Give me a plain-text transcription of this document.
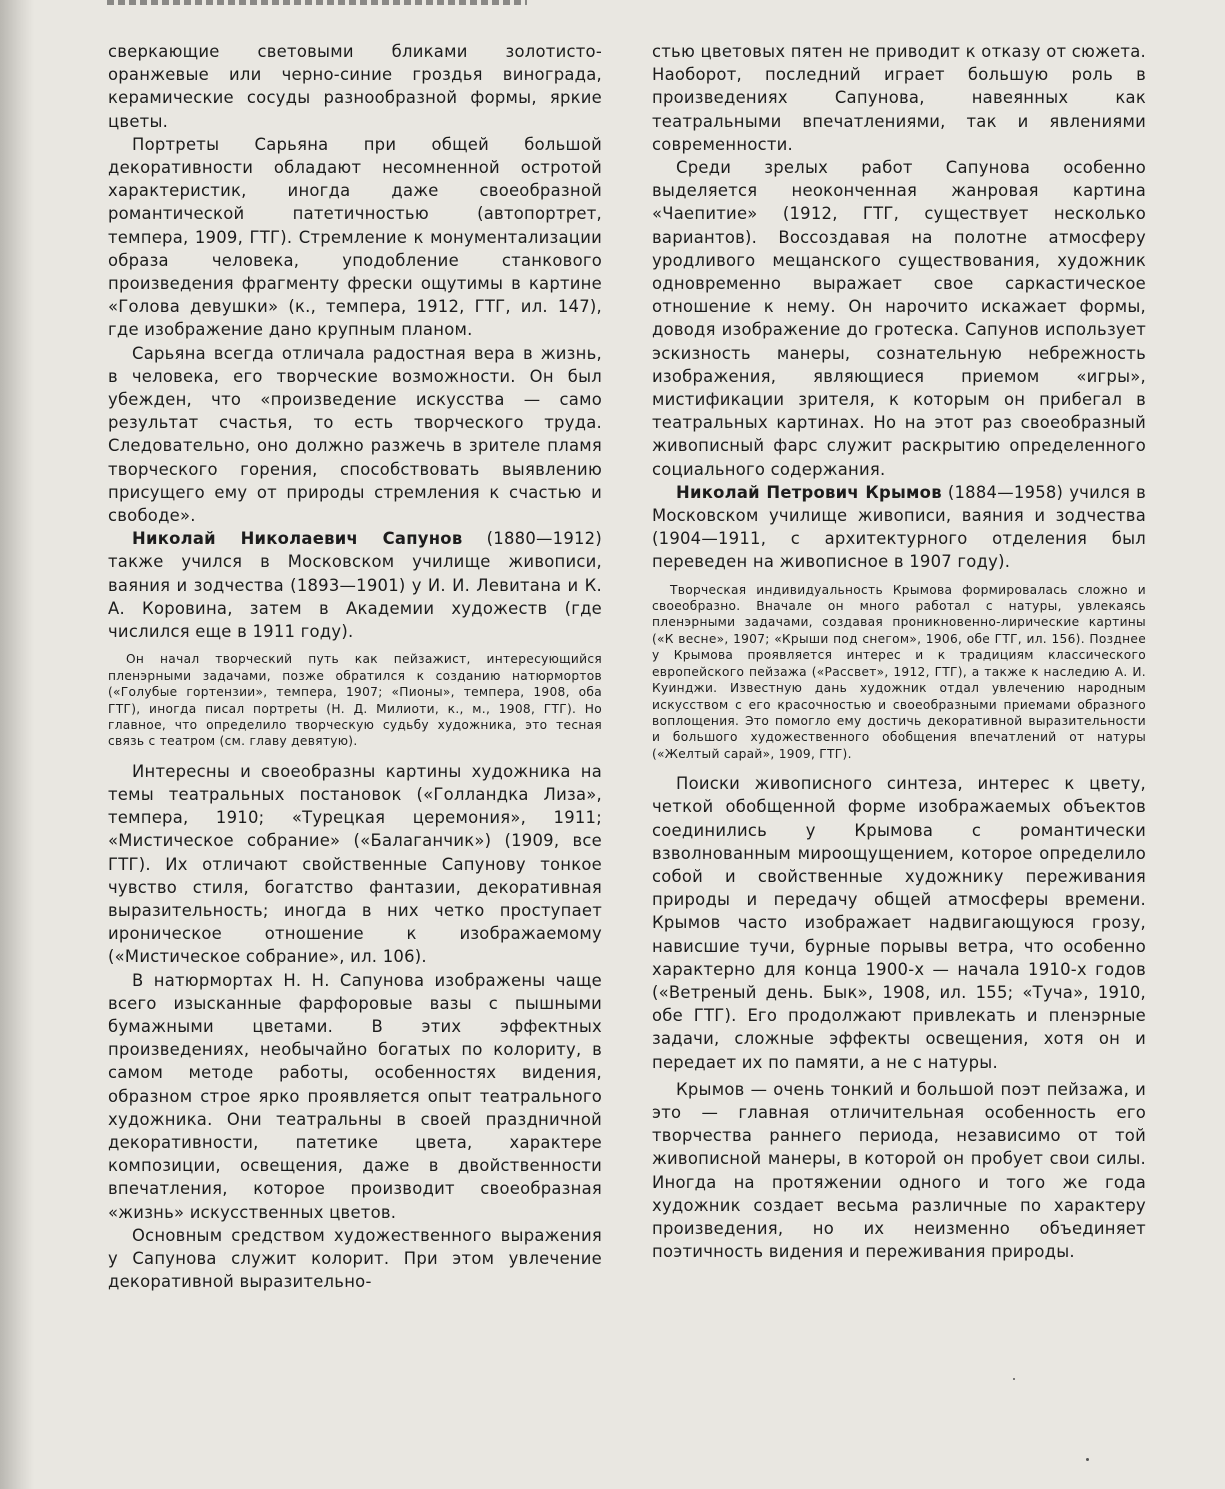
сверкающие световыми бликами золотисто-оранжевые или черно-синие гроздья винограда, керамические сосуды разнообразной формы, яркие цветы.

Портреты Сарьяна при общей большой декоративности обладают несомненной остротой характеристик, иногда даже своеобразной романтической патетичностью (автопортрет, темпера, 1909, ГТГ). Стремление к монументализации образа человека, уподобление станкового произведения фрагменту фрески ощутимы в картине «Голова девушки» (к., темпера, 1912, ГТГ, ил. 147), где изображение дано крупным планом.

Сарьяна всегда отличала радостная вера в жизнь, в человека, его творческие возможности. Он был убежден, что «произведение искусства — само результат счастья, то есть творческого труда. Следовательно, оно должно разжечь в зрителе пламя творческого горения, способствовать выявлению присущего ему от природы стремления к счастью и свободе».

Николай Николаевич Сапунов (1880—1912) также учился в Московском училище живописи, ваяния и зодчества (1893—1901) у И. И. Левитана и К. А. Коровина, затем в Академии художеств (где числился еще в 1911 году).

Он начал творческий путь как пейзажист, интересующийся пленэрными задачами, позже обратился к созданию натюрмортов («Голубые гортензии», темпера, 1907; «Пионы», темпера, 1908, оба ГТГ), иногда писал портреты (Н. Д. Милиоти, к., м., 1908, ГТГ). Но главное, что определило творческую судьбу художника, это тесная связь с театром (см. главу девятую).

Интересны и своеобразны картины художника на темы театральных постановок («Голландка Лиза», темпера, 1910; «Турецкая церемония», 1911; «Мистическое собрание» («Балаганчик») (1909, все ГТГ). Их отличают свойственные Сапунову тонкое чувство стиля, богатство фантазии, декоративная выразительность; иногда в них четко проступает ироническое отношение к изображаемому («Мистическое собрание», ил. 106).

В натюрмортах Н. Н. Сапунова изображены чаще всего изысканные фарфоровые вазы с пышными бумажными цветами. В этих эффектных произведениях, необычайно богатых по колориту, в самом методе работы, особенностях видения, образном строе ярко проявляется опыт театрального художника. Они театральны в своей праздничной декоративности, патетике цвета, характере композиции, освещения, даже в двойственности впечатления, которое производит своеобразная «жизнь» искусственных цветов.

Основным средством художественного выражения у Сапунова служит колорит. При этом увлечение декоративной выразительно-

стью цветовых пятен не приводит к отказу от сюжета. Наоборот, последний играет большую роль в произведениях Сапунова, навеянных как театральными впечатлениями, так и явлениями современности.

Среди зрелых работ Сапунова особенно выделяется неоконченная жанровая картина «Чаепитие» (1912, ГТГ, существует несколько вариантов). Воссоздавая на полотне атмосферу уродливого мещанского существования, художник одновременно выражает свое саркастическое отношение к нему. Он нарочито искажает формы, доводя изображение до гротеска. Сапунов использует эскизность манеры, сознательную небрежность изображения, являющиеся приемом «игры», мистификации зрителя, к которым он прибегал в театральных картинах. Но на этот раз своеобразный живописный фарс служит раскрытию определенного социального содержания.

Николай Петрович Крымов (1884—1958) учился в Московском училище живописи, ваяния и зодчества (1904—1911, с архитектурного отделения был переведен на живописное в 1907 году).

Творческая индивидуальность Крымова формировалась сложно и своеобразно. Вначале он много работал с натуры, увлекаясь пленэрными задачами, создавая проникновенно-лирические картины («К весне», 1907; «Крыши под снегом», 1906, обе ГТГ, ил. 156). Позднее у Крымова проявляется интерес и к традициям классического европейского пейзажа («Рассвет», 1912, ГТГ), а также к наследию А. И. Куинджи. Известную дань художник отдал увлечению народным искусством с его красочностью и своеобразными приемами образного воплощения. Это помогло ему достичь декоративной выразительности и большого художественного обобщения впечатлений от натуры («Желтый сарай», 1909, ГТГ).

Поиски живописного синтеза, интерес к цвету, четкой обобщенной форме изображаемых объектов соединились у Крымова с романтически взволнованным мироощущением, которое определило собой и свойственные художнику переживания природы и передачу общей атмосферы времени. Крымов часто изображает надвигающуюся грозу, нависшие тучи, бурные порывы ветра, что особенно характерно для конца 1900-х — начала 1910-х годов («Ветреный день. Бык», 1908, ил. 155; «Туча», 1910, обе ГТГ). Его продолжают привлекать и пленэрные задачи, сложные эффекты освещения, хотя он и передает их по памяти, а не с натуры.

Крымов — очень тонкий и большой поэт пейзажа, и это — главная отличительная особенность его творчества раннего периода, независимо от той живописной манеры, в которой он пробует свои силы. Иногда на протяжении одного и того же года художник создает весьма различные по характеру произведения, но их неизменно объединяет поэтичность видения и переживания природы.
